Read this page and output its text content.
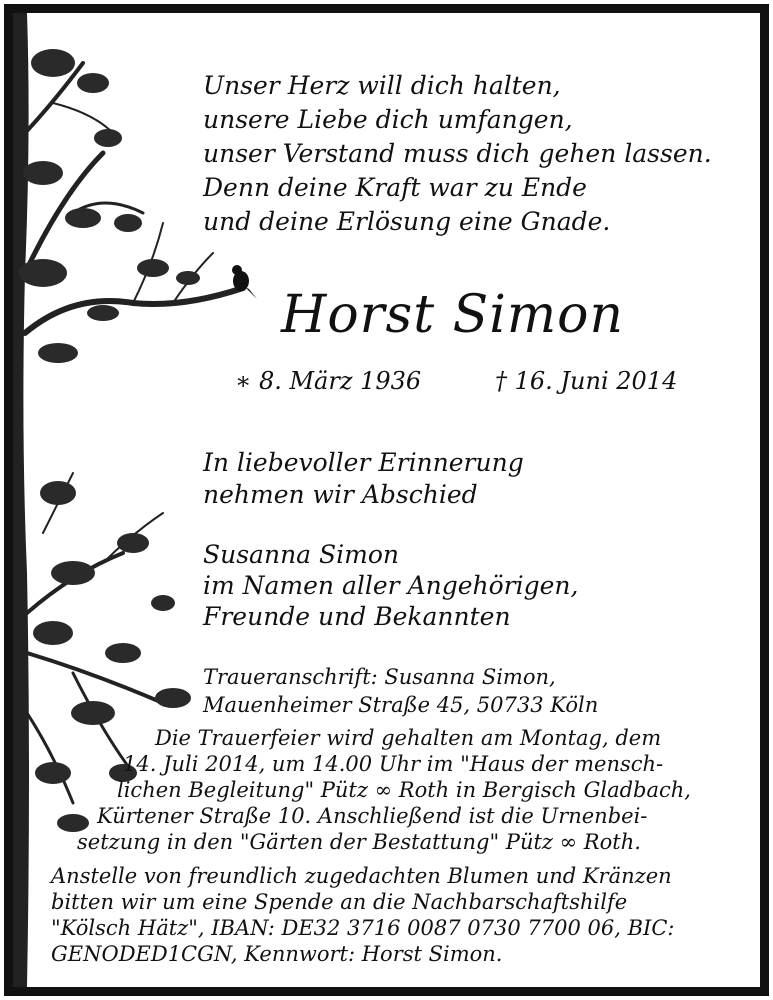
Unser Herz will dich halten,
unsere Liebe dich umfangen,
unser Verstand muss dich gehen lassen.
Denn deine Kraft war zu Ende
und deine Erlösung eine Gnade.
Horst Simon
∗ 8. März 1936	† 16. Juni 2014
In liebevoller Erinnerung
nehmen wir Abschied
Susanna Simon
im Namen aller Angehörigen,
Freunde und Bekannten
Traueranschrift: Susanna Simon,
Mauenheimer Straße 45, 50733 Köln
Die Trauerfeier wird gehalten am Montag, dem
14. Juli 2014, um 14.00 Uhr im "Haus der mensch-
lichen Begleitung" Pütz ∞ Roth in Bergisch Gladbach,
Kürtener Straße 10. Anschließend ist die Urnenbei-
setzung in den "Gärten der Bestattung" Pütz ∞ Roth.
Anstelle von freundlich zugedachten Blumen und Kränzen
bitten wir um eine Spende an die Nachbarschaftshilfe
"Kölsch Hätz", IBAN: DE32 3716 0087 0730 7700 06, BIC:
GENODED1CGN, Kennwort: Horst Simon.
